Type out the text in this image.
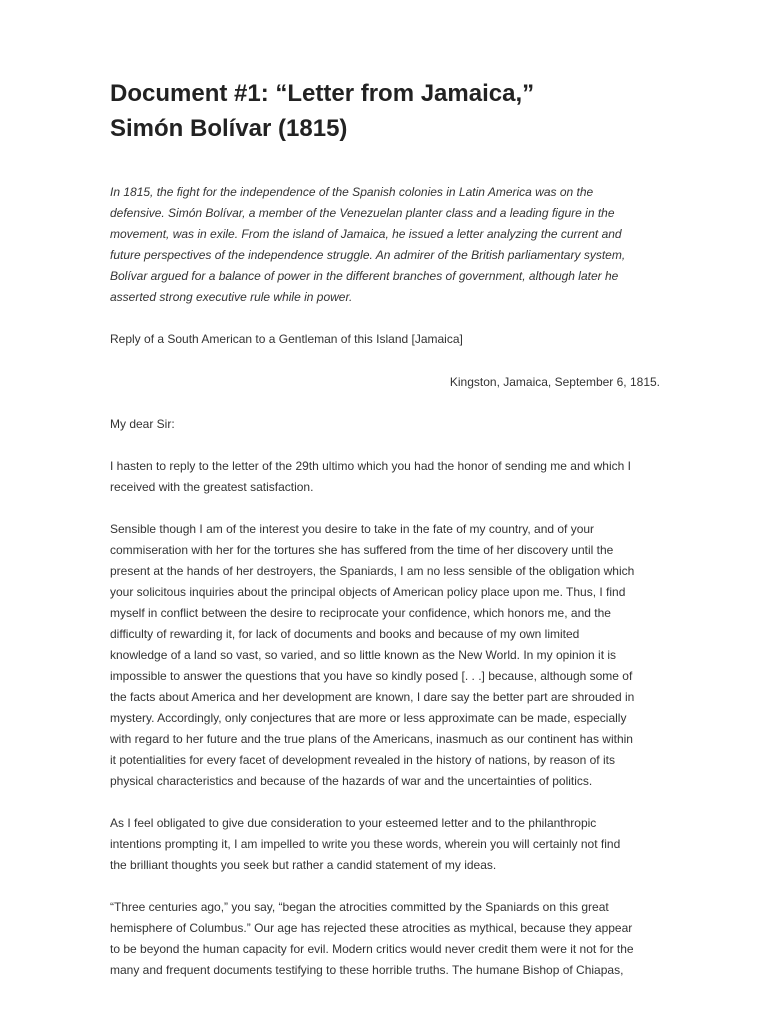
Document #1: “Letter from Jamaica,”
Simón Bolívar (1815)

In 1815, the fight for the independence of the Spanish colonies in Latin America was on the
defensive. Simón Bolívar, a member of the Venezuelan planter class and a leading figure in the
movement, was in exile. From the island of Jamaica, he issued a letter analyzing the current and
future perspectives of the independence struggle. An admirer of the British parliamentary system,
Bolívar argued for a balance of power in the different branches of government, although later he
asserted strong executive rule while in power.

Reply of a South American to a Gentleman of this Island [Jamaica]

Kingston, Jamaica, September 6, 1815.

My dear Sir:

I hasten to reply to the letter of the 29th ultimo which you had the honor of sending me and which I
received with the greatest satisfaction.

Sensible though I am of the interest you desire to take in the fate of my country, and of your
commiseration with her for the tortures she has suffered from the time of her discovery until the
present at the hands of her destroyers, the Spaniards, I am no less sensible of the obligation which
your solicitous inquiries about the principal objects of American policy place upon me. Thus, I find
myself in conflict between the desire to reciprocate your confidence, which honors me, and the
difficulty of rewarding it, for lack of documents and books and because of my own limited
knowledge of a land so vast, so varied, and so little known as the New World. In my opinion it is
impossible to answer the questions that you have so kindly posed [. . .] because, although some of
the facts about America and her development are known, I dare say the better part are shrouded in
mystery. Accordingly, only conjectures that are more or less approximate can be made, especially
with regard to her future and the true plans of the Americans, inasmuch as our continent has within
it potentialities for every facet of development revealed in the history of nations, by reason of its
physical characteristics and because of the hazards of war and the uncertainties of politics.

As I feel obligated to give due consideration to your esteemed letter and to the philanthropic
intentions prompting it, I am impelled to write you these words, wherein you will certainly not find
the brilliant thoughts you seek but rather a candid statement of my ideas.

“Three centuries ago,” you say, “began the atrocities committed by the Spaniards on this great
hemisphere of Columbus.” Our age has rejected these atrocities as mythical, because they appear
to be beyond the human capacity for evil. Modern critics would never credit them were it not for the
many and frequent documents testifying to these horrible truths. The humane Bishop of Chiapas,
